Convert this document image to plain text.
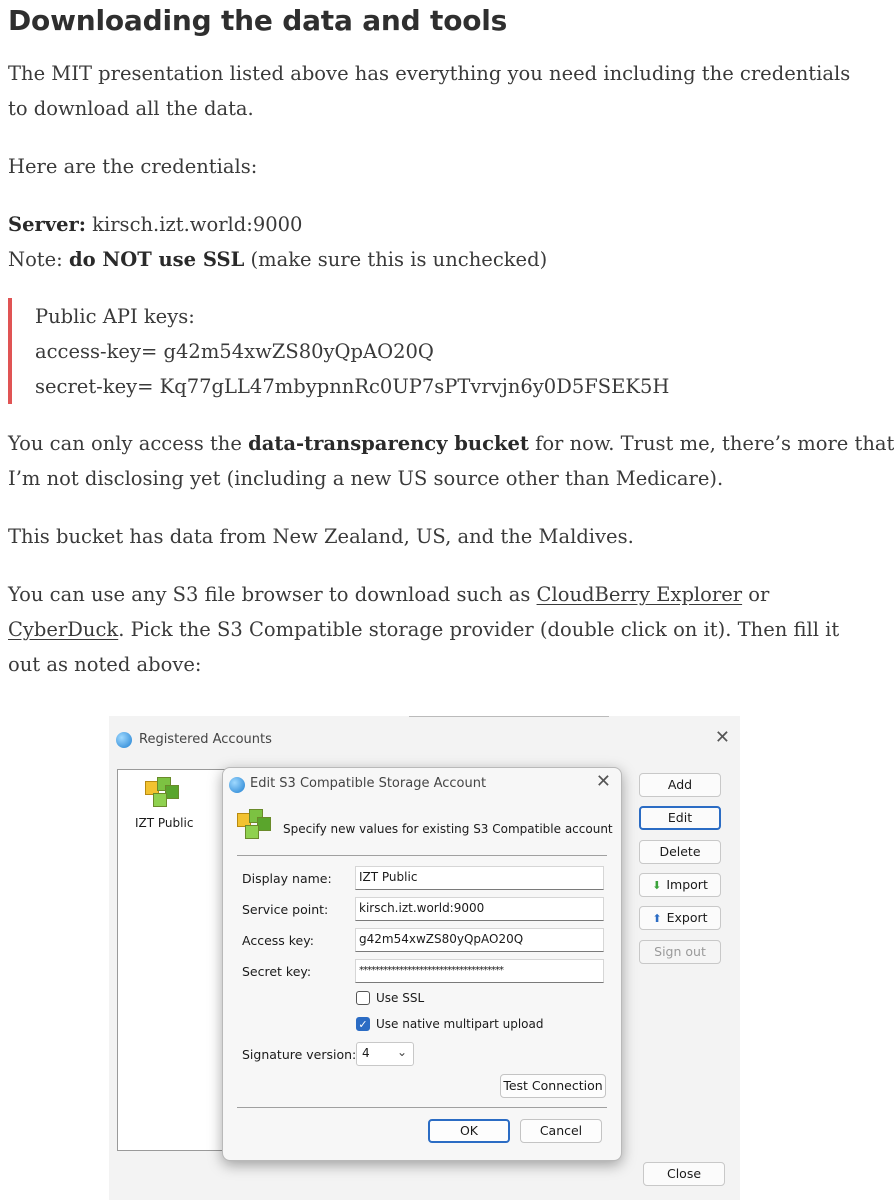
Downloading the data and tools
The MIT presentation listed above has everything you need including the credentials
to download all the data.
Here are the credentials:
Server: kirsch.izt.world:9000
Note: do NOT use SSL (make sure this is unchecked)
Public API keys:
access-key= g42m54xwZS80yQpAO20Q
secret-key= Kq77gLL47mbypnnRc0UP7sPTvrvjn6y0D5FSEK5H
You can only access the data-transparency bucket for now. Trust me, there’s more that
I’m not disclosing yet (including a new US source other than Medicare).
This bucket has data from New Zealand, US, and the Maldives.
You can use any S3 file browser to download such as CloudBerry Explorer or
CyberDuck. Pick the S3 Compatible storage provider (double click on it). Then fill it
out as noted above:
Registered Accounts	✕
IZT Public
Add
Edit
Delete
⬇ Import
⬆ Export
Sign out
Close
Edit S3 Compatible Storage Account	✕
Specify new values for existing S3 Compatible account
Display name:	IZT Public
Service point:	kirsch.izt.world:9000
Access key:	g42m54xwZS80yQpAO20Q
Secret key:	************************************
Use SSL
✓ Use native multipart upload
Signature version: 4 ⌄
Test Connection
OK	Cancel
